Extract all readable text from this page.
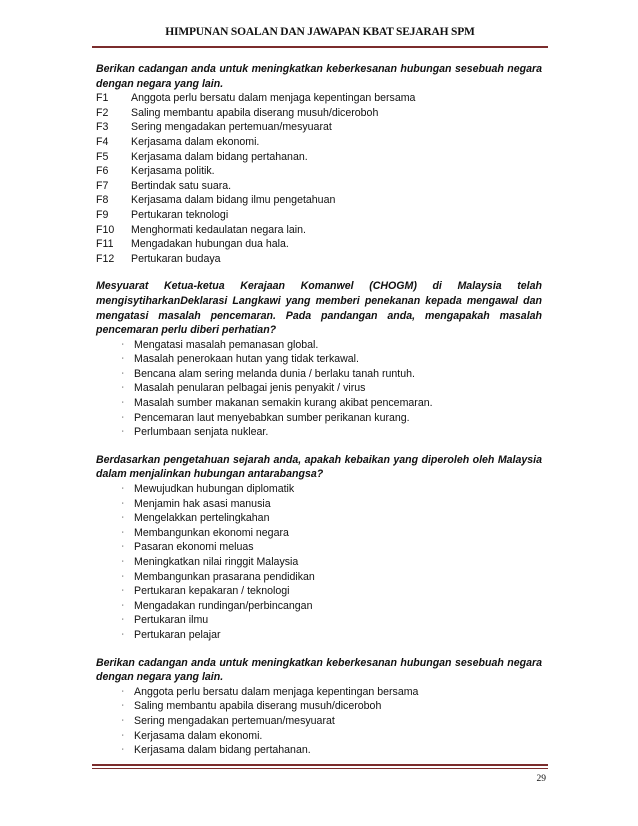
HIMPUNAN SOALAN DAN JAWAPAN KBAT SEJARAH SPM

Berikan cadangan anda untuk meningkatkan keberkesanan hubungan sesebuah negara dengan negara yang lain.

F1	Anggota perlu bersatu dalam menjaga kepentingan bersama
F2	Saling membantu apabila diserang musuh/diceroboh
F3	Sering mengadakan pertemuan/mesyuarat
F4	Kerjasama dalam ekonomi.
F5	Kerjasama dalam bidang pertahanan.
F6	Kerjasama politik.
F7	Bertindak satu suara.
F8	Kerjasama dalam bidang ilmu pengetahuan
F9	Pertukaran teknologi
F10	Menghormati kedaulatan negara lain.
F11	Mengadakan hubungan dua hala.
F12	Pertukaran budaya

Mesyuarat Ketua-ketua Kerajaan Komanwel (CHOGM) di Malaysia telah mengisytiharkanDeklarasi Langkawi yang memberi penekanan kepada mengawal dan mengatasi masalah pencemaran. Pada pandangan anda, mengapakah masalah pencemaran perlu diberi perhatian?

‧ Mengatasi masalah pemanasan global.
‧ Masalah penerokaan hutan yang tidak terkawal.
‧ Bencana alam sering melanda dunia / berlaku tanah runtuh.
‧ Masalah penularan pelbagai jenis penyakit / virus
‧ Masalah sumber makanan semakin kurang akibat pencemaran.
‧ Pencemaran laut menyebabkan sumber perikanan kurang.
‧ Perlumbaan senjata nuklear.

Berdasarkan pengetahuan sejarah anda, apakah kebaikan yang diperoleh oleh Malaysia dalam menjalinkan hubungan antarabangsa?

‧ Mewujudkan hubungan diplomatik
‧ Menjamin hak asasi manusia
‧ Mengelakkan pertelingkahan
‧ Membangunkan ekonomi negara
‧ Pasaran ekonomi meluas
‧ Meningkatkan nilai ringgit Malaysia
‧ Membangunkan prasarana pendidikan
‧ Pertukaran kepakaran / teknologi
‧ Mengadakan rundingan/perbincangan
‧ Pertukaran ilmu
‧ Pertukaran pelajar

Berikan cadangan anda untuk meningkatkan keberkesanan hubungan sesebuah negara dengan negara yang lain.

‧ Anggota perlu bersatu dalam menjaga kepentingan bersama
‧ Saling membantu apabila diserang musuh/diceroboh
‧ Sering mengadakan pertemuan/mesyuarat
‧ Kerjasama dalam ekonomi.
‧ Kerjasama dalam bidang pertahanan.
29
